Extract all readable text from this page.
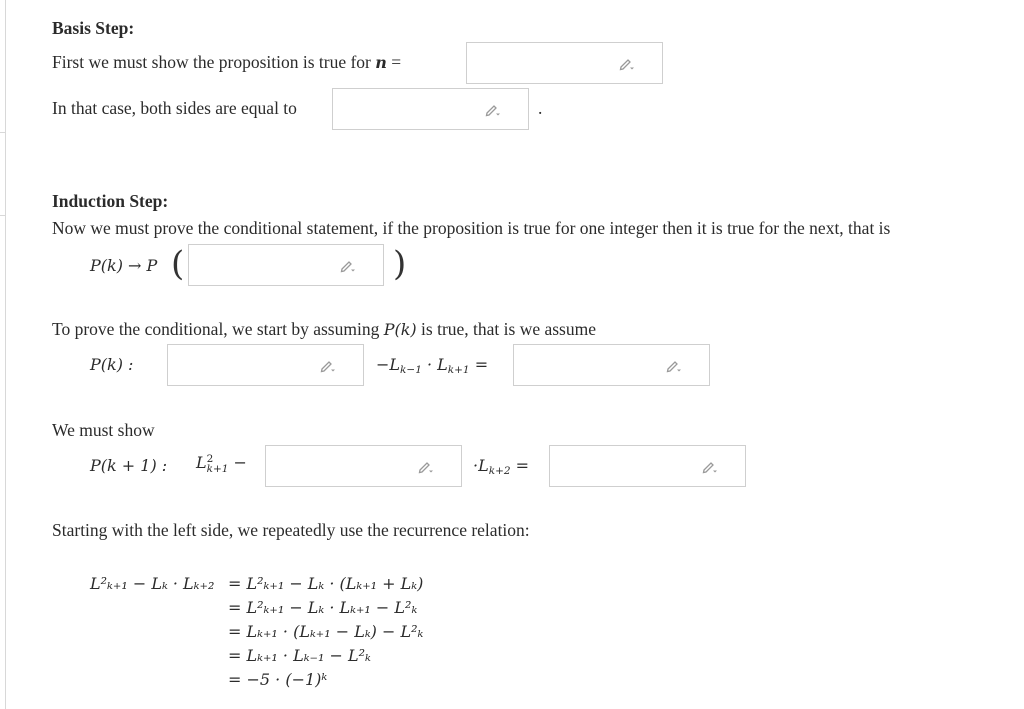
Basis Step:
First we must show the proposition is true for n =
In that case, both sides are equal to	.
Induction Step:
Now we must prove the conditional statement, if the proposition is true for one integer then it is true for the next, that is
P(k) → P (	)
To prove the conditional, we start by assuming P(k) is true, that is we assume
P(k) :	$-L_{k-1} \cdot L_{k+1}$ =
We must show
P(k + 1) : L 2
k+1 −	$\cdot L_{k+2}$ =
Starting with the left side, we repeatedly use the recurrence relation:
L²ₖ₊₁ − Lₖ · Lₖ₊₂ = L²ₖ₊₁ − Lₖ · (Lₖ₊₁ + Lₖ)
= L²ₖ₊₁ − Lₖ · Lₖ₊₁ − L²ₖ
= Lₖ₊₁ · (Lₖ₊₁ − Lₖ) − L²ₖ
= Lₖ₊₁ · Lₖ₋₁ − L²ₖ
= −5 · (−1)ᵏ
